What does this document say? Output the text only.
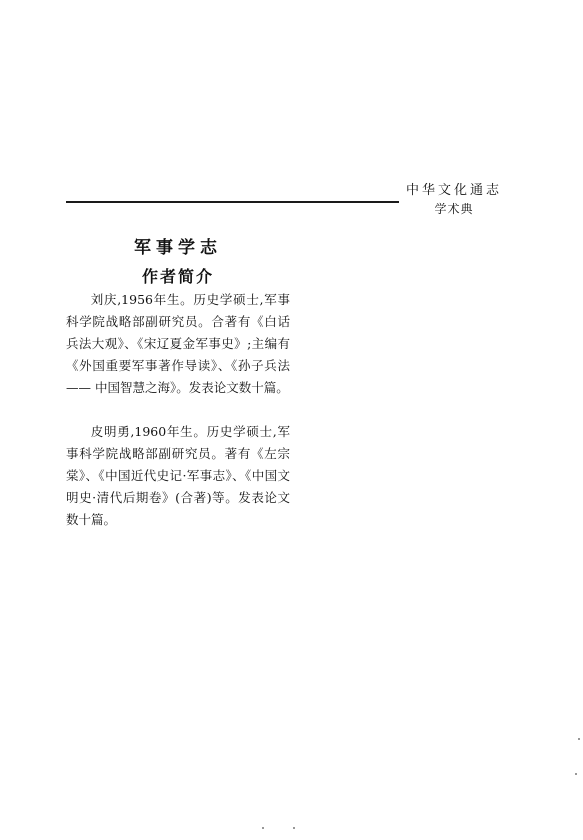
中华文化通志
学术典
军事学志
作者简介

刘庆,1956年生。历史学硕士,军事科学院战略部副研究员。合著有《白话兵法大观》、《宋辽夏金军事史》;主编有《外国重要军事著作导读》、《孙子兵法—— 中国智慧之海》。发表论文数十篇。

皮明勇,1960年生。历史学硕士,军事科学院战略部副研究员。著有《左宗棠》、《中国近代史记·军事志》、《中国文明史·清代后期卷》(合著)等。发表论文数十篇。
